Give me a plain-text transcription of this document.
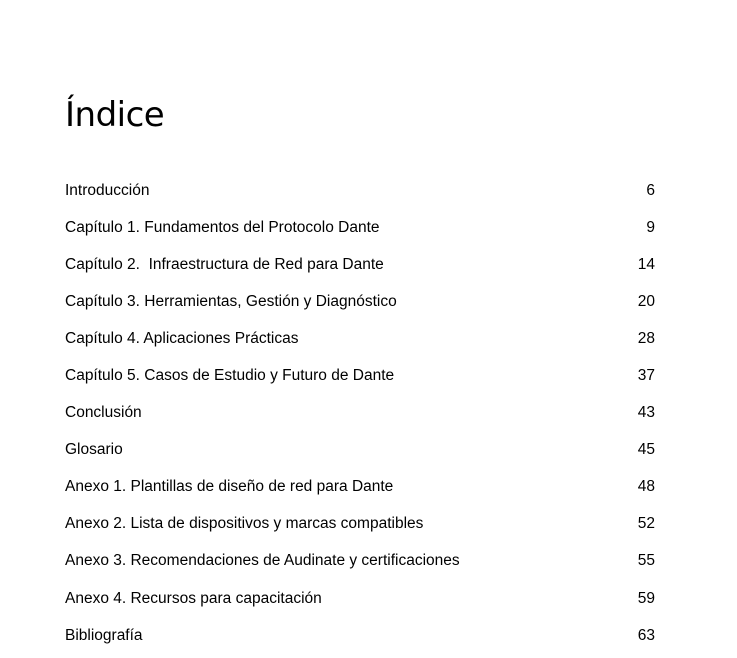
Índice
Introducción	6
Capítulo 1. Fundamentos del Protocolo Dante	9
Capítulo 2.  Infraestructura de Red para Dante	14
Capítulo 3. Herramientas, Gestión y Diagnóstico	20
Capítulo 4. Aplicaciones Prácticas	28
Capítulo 5. Casos de Estudio y Futuro de Dante	37
Conclusión	43
Glosario	45
Anexo 1. Plantillas de diseño de red para Dante	48
Anexo 2. Lista de dispositivos y marcas compatibles	52
Anexo 3. Recomendaciones de Audinate y certificaciones	55
Anexo 4. Recursos para capacitación	59
Bibliografía	63
